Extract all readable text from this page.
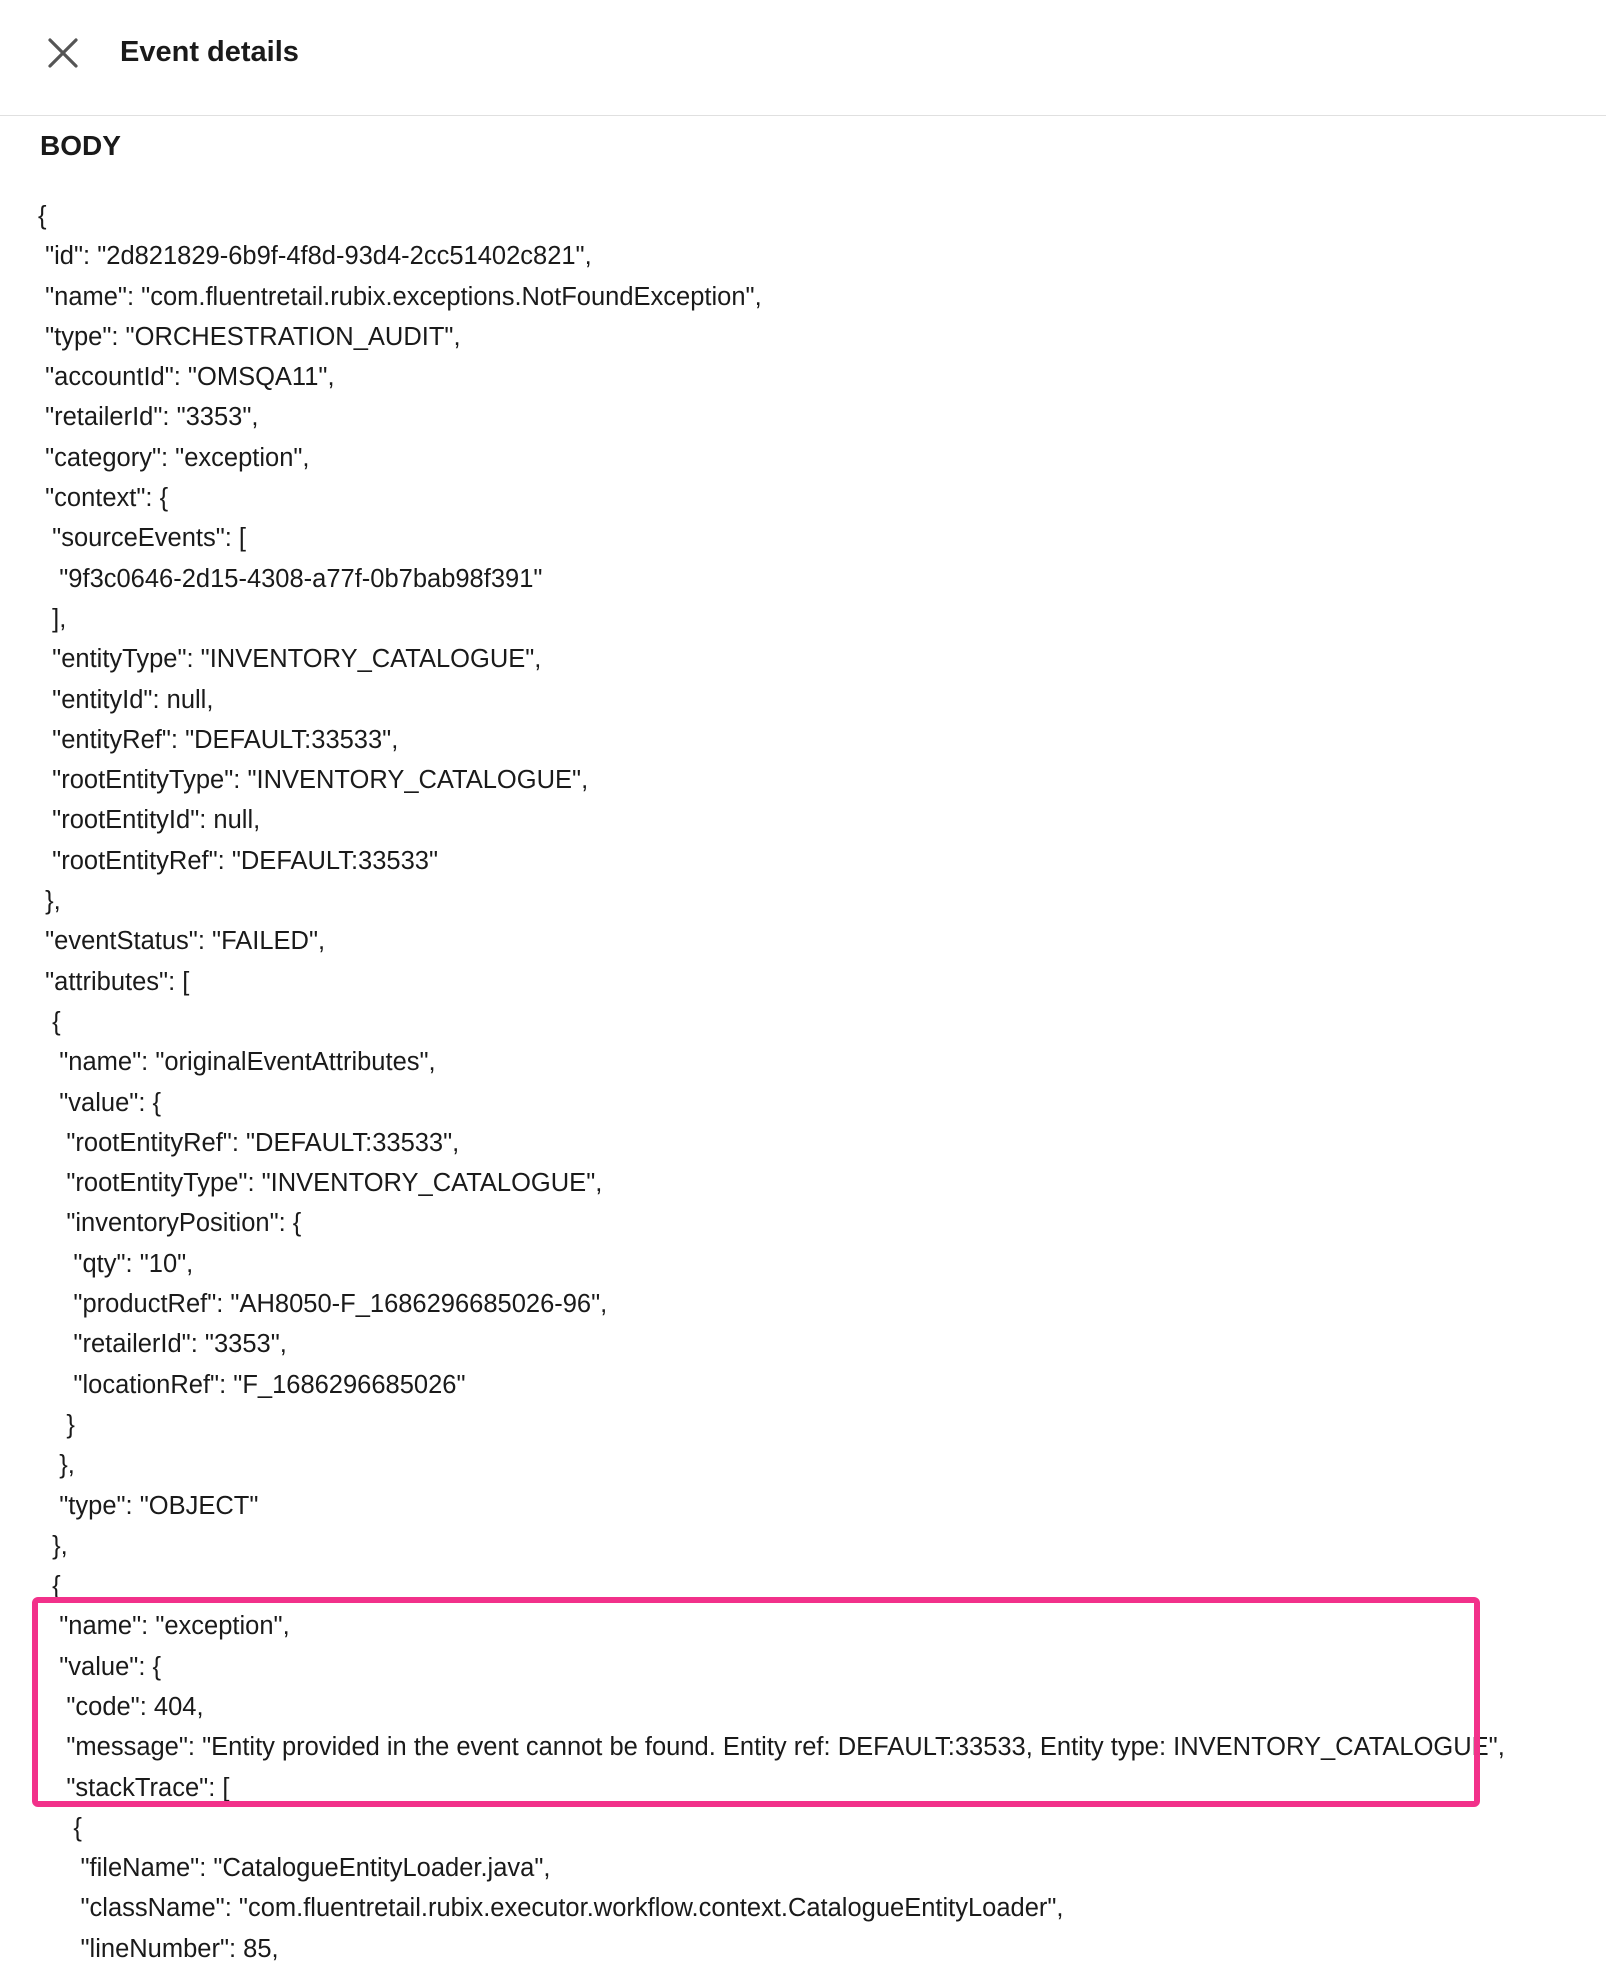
Event details
BODY
{
"id": "2d821829-6b9f-4f8d-93d4-2cc51402c821",
"name": "com.fluentretail.rubix.exceptions.NotFoundException",
"type": "ORCHESTRATION_AUDIT",
"accountId": "OMSQA11",
"retailerId": "3353",
"category": "exception",
"context": {
"sourceEvents": [
"9f3c0646-2d15-4308-a77f-0b7bab98f391"
],
"entityType": "INVENTORY_CATALOGUE",
"entityId": null,
"entityRef": "DEFAULT:33533",
"rootEntityType": "INVENTORY_CATALOGUE",
"rootEntityId": null,
"rootEntityRef": "DEFAULT:33533"
},
"eventStatus": "FAILED",
"attributes": [
{
"name": "originalEventAttributes",
"value": {
"rootEntityRef": "DEFAULT:33533",
"rootEntityType": "INVENTORY_CATALOGUE",
"inventoryPosition": {
"qty": "10",
"productRef": "AH8050-F_1686296685026-96",
"retailerId": "3353",
"locationRef": "F_1686296685026"
}
},
"type": "OBJECT"
},
{
"name": "exception",
"value": {
"code": 404,
"message": "Entity provided in the event cannot be found. Entity ref: DEFAULT:33533, Entity type: INVENTORY_CATALOGUE",
"stackTrace": [
{
"fileName": "CatalogueEntityLoader.java",
"className": "com.fluentretail.rubix.executor.workflow.context.CatalogueEntityLoader",
"lineNumber": 85,
